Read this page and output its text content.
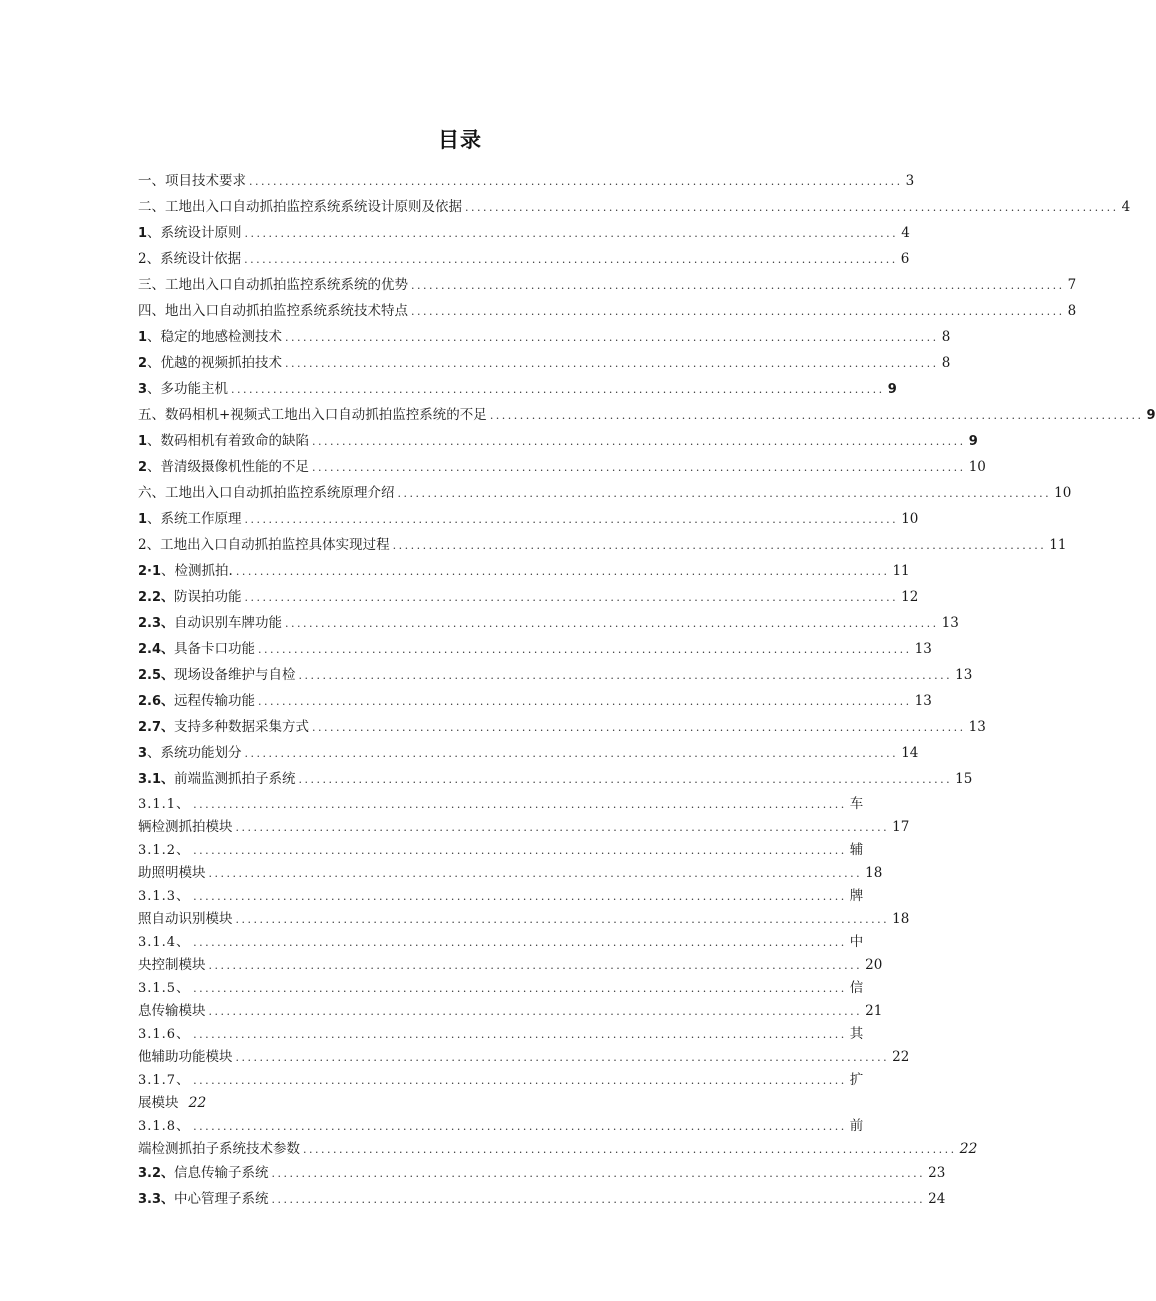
目录
一、项目技术要求 ............................................................................................................. 3
二、工地出入口自动抓拍监控系统系统设计原则及依据 ............................................................................................................. 4
1 、系统设计原则 ............................................................................................................. 4
2、系统设计依据 ............................................................................................................. 6
三、工地出入口自动抓拍监控系统系统的优势 ............................................................................................................. 7
四、地出入口自动抓拍监控系统系统技术特点 ............................................................................................................. 8
1 、稳定的地感检测技术 ............................................................................................................. 8
2 、优越的视频抓拍技术 ............................................................................................................. 8
3 、多功能主机 ............................................................................................................. 9
五、数码相机+视频式工地出入口自动抓拍监控系统的不足 ............................................................................................................. 9
1 、数码相机有着致命的缺陷 ............................................................................................................. 9
2 、普清级摄像机性能的不足 ............................................................................................................. 10
六、工地出入口自动抓拍监控系统原理介绍 ............................................................................................................. 10
1 、系统工作原理 ............................................................................................................. 10
2、工地出入口自动抓拍监控具体实现过程 ............................................................................................................. 11
2·1 、检测抓拍. ............................................................................................................. 11
2.2、 防误拍功能 ............................................................................................................. 12
2.3、 自动识别车牌功能 ............................................................................................................. 13
2.4、 具备卡口功能 ............................................................................................................. 13
2.5、 现场设备维护与自检 ............................................................................................................. 13
2.6、 远程传输功能 ............................................................................................................. 13
2.7、 支持多种数据采集方式 ............................................................................................................. 13
3 、系统功能划分 ............................................................................................................. 14
3.1、 前端监测抓拍子系统 ............................................................................................................. 15
3.1.1、 ............................................................................................................. 车
辆检测抓拍模块 ............................................................................................................. 17
3.1.2、 ............................................................................................................. 辅
助照明模块 ............................................................................................................. 18
3.1.3、 ............................................................................................................. 牌
照自动识别模块 ............................................................................................................. 18
3.1.4、 ............................................................................................................. 中
央控制模块 ............................................................................................................. 20
3.1.5、 ............................................................................................................. 信
息传输模块 ............................................................................................................. 21
3.1.6、 ............................................................................................................. 其
他辅助功能模块 ............................................................................................................. 22
3.1.7、 ............................................................................................................. 扩
展模块 22
3.1.8、 ............................................................................................................. 前
端检测抓拍子系统技术参数 ............................................................................................................. 22
3.2、 信息传输子系统 ............................................................................................................. 23
3.3、 中心管理子系统 ............................................................................................................. 24
